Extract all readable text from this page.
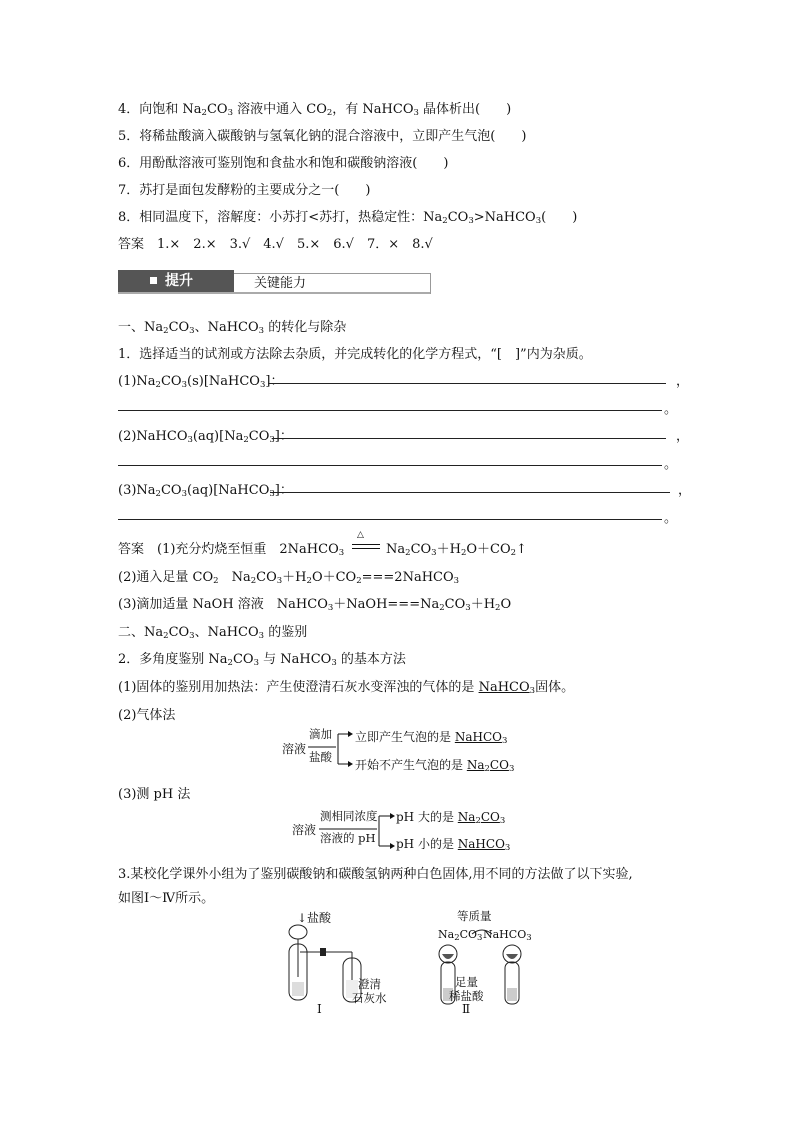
4．向饱和 $Na_2CO_3$ 溶液中通入 $CO_2$，有 NaHCO$_3$ 晶体析出(　　)
5．将稀盐酸滴入碳酸钠与氢氧化钠的混合溶液中，立即产生气泡(　　)
6．用酚酞溶液可鉴别饱和食盐水和饱和碳酸钠溶液(　　)
7．苏打是面包发酵粉的主要成分之一(　　)
8．相同温度下，溶解度：小苏打<苏打，热稳定性：$Na_2CO_3>NaHCO_3$(　　)
答案　1.×　2.×　3.√　4.√　5.×　6.√　7．×　8.√
提升	关键能力
一、$Na_2CO_3$、NaHCO$_3$ 的转化与除杂
1．选择适当的试剂或方法除去杂质，并完成转化的化学方程式，“[　]”内为杂质。
$(1)Na_2CO_3(s)[NaHCO_3]$：	，
。
$(2)NaHCO_3(aq)[Na_2CO_3]$：	，
。
$(3)Na_2CO_3(aq)[NaHCO_3]$：	，
。
答案　(1)充分灼烧至恒重　2NaHCO$_3$
△
$Na_2CO_3+H_2O+CO_2↑$
(2)通入足量 $CO_2$　$Na_2CO_3+H_2O+CO_2===2NaHCO_3$
(3)滴加适量 NaOH 溶液　$NaHCO_3+NaOH===Na_2CO_3+H_2O$
二、$Na_2CO_3$、NaHCO$_3$ 的鉴别
2．多角度鉴别 $Na_2CO_3$ 与 NaHCO$_3$ 的基本方法
(1)固体的鉴别用加热法：产生使澄清石灰水变浑浊的气体的是 NaHCO$_3$固体。
(2)气体法
溶液
滴加
盐酸
立即产生气泡的是 NaHCO$_3$
开始不产生气泡的是 $Na_2CO_3$
(3)测 pH 法
溶液
测相同浓度
溶液的 pH
pH 大的是 $Na_2CO_3$
pH 小的是 NaHCO$_3$
3.某校化学课外小组为了鉴别碳酸钠和碳酸氢钠两种白色固体,用不同的方法做了以下实验,
如图Ⅰ～Ⅳ所示。
↓盐酸
澄清
石灰水
Ⅰ
等质量
$Na_2CO_3$ NaHCO$_3$
足量
稀盐酸
Ⅱ
